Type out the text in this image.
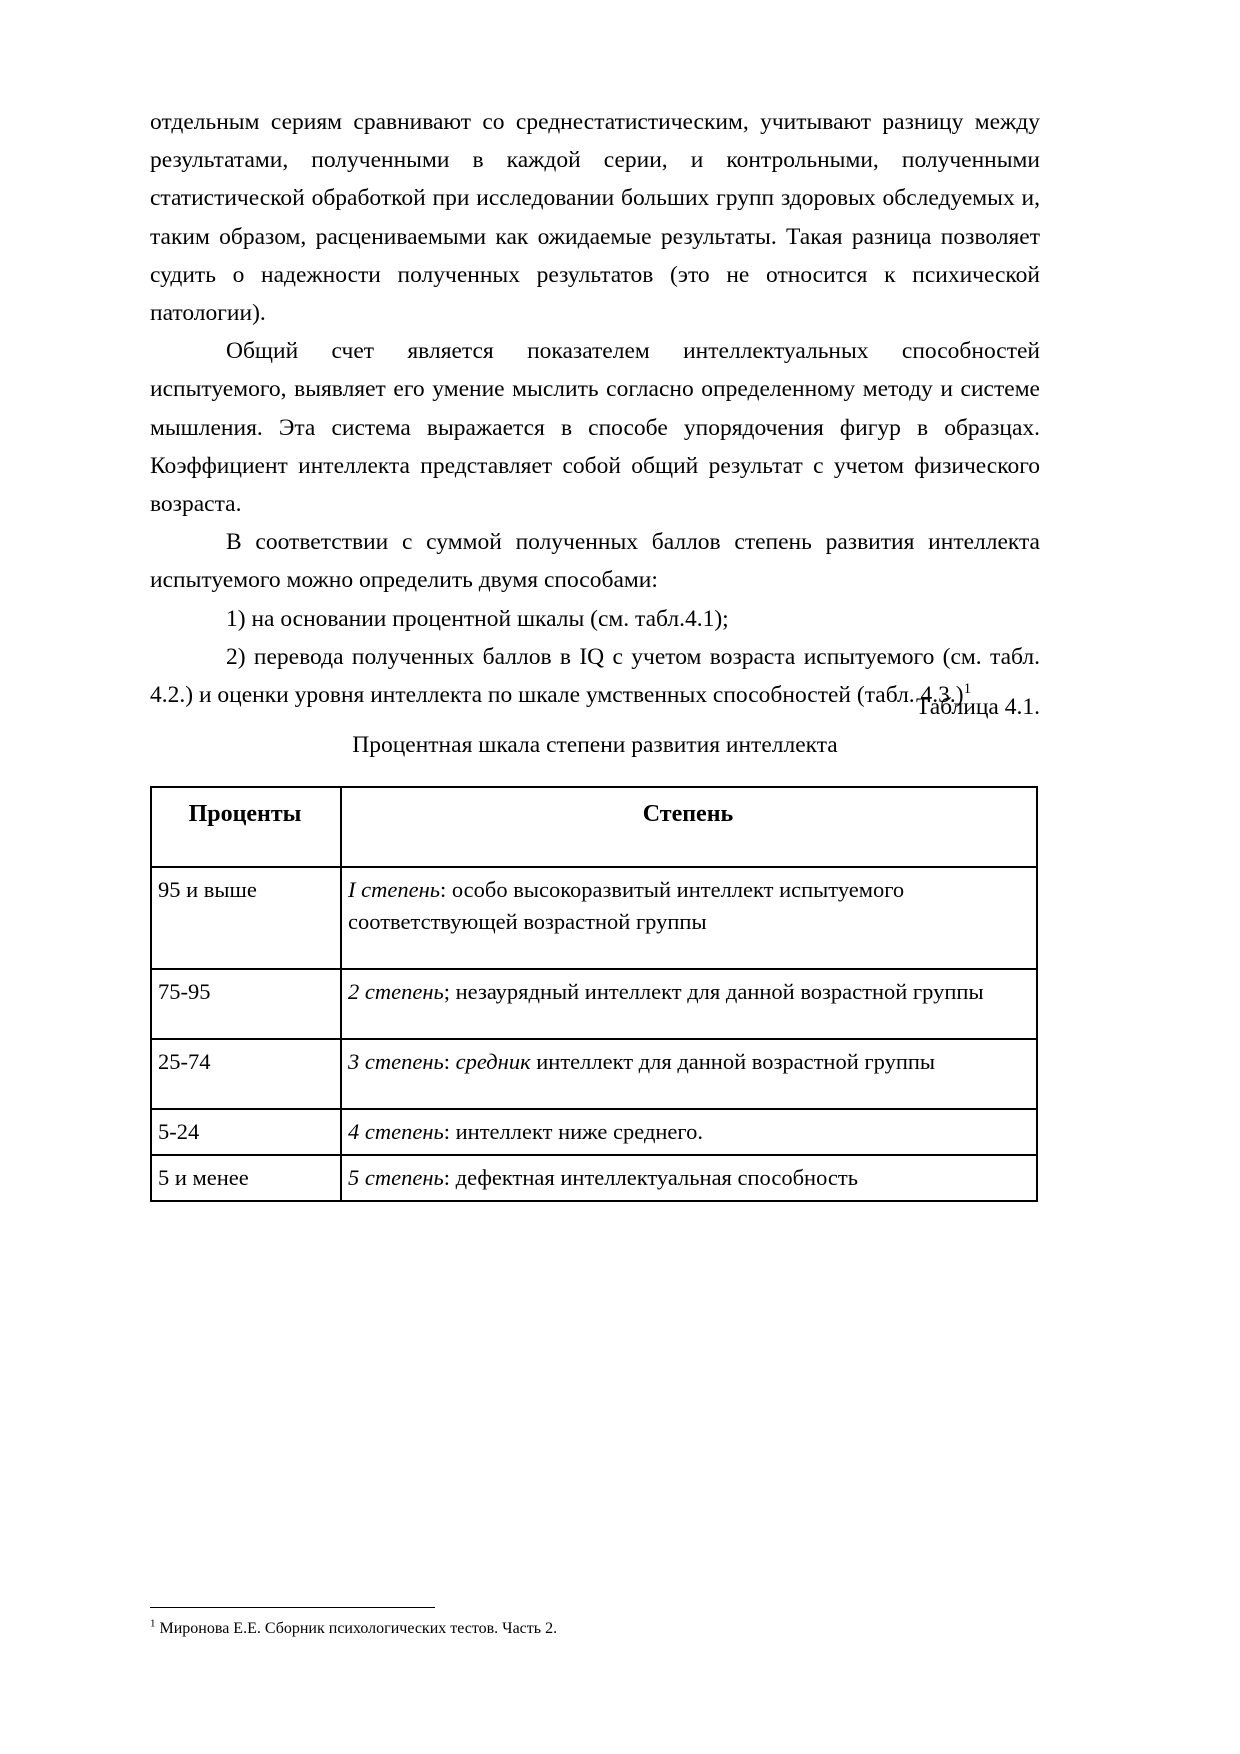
отдельным сериям сравнивают со среднестатистическим, учитывают разницу между результатами, полученными в каждой серии, и контрольными, полученными статистической обработкой при исследовании больших групп здоровых обследуемых и, таким образом, расцениваемыми как ожидаемые результаты. Такая разница позволяет судить о надежности полученных результатов (это не относится к психической патологии).

Общий счет является показателем интеллектуальных способностей испытуемого, выявляет его умение мыслить согласно определенному методу и системе мышления. Эта система выражается в способе упорядочения фигур в образцах. Коэффициент интеллекта представляет собой общий результат с учетом физического возраста.

В соответствии с суммой полученных баллов степень развития интеллекта испытуемого можно определить двумя способами:

1) на основании процентной шкалы (см. табл.4.1);

2) перевода полученных баллов в IQ с учетом возраста испытуемого (см. табл. 4.2.) и оценки уровня интеллекта по шкале умственных способностей (табл. 4.3.)$^1$

Таблица 4.1.
Процентная шкала степени развития интеллекта
Проценты	Степень
95 и выше	I степень: особо высокоразвитый интеллект испытуемого соответствующей возрастной группы
75-95	2 степень; незаурядный интеллект для данной возрастной группы
25-74	3 степень: средник интеллект для данной возрастной группы
5-24	4 степень: интеллект ниже среднего.
5 и менее	5 степень: дефектная интеллектуальная способность
$^1$ Миронова Е.Е. Сборник психологических тестов. Часть 2.
